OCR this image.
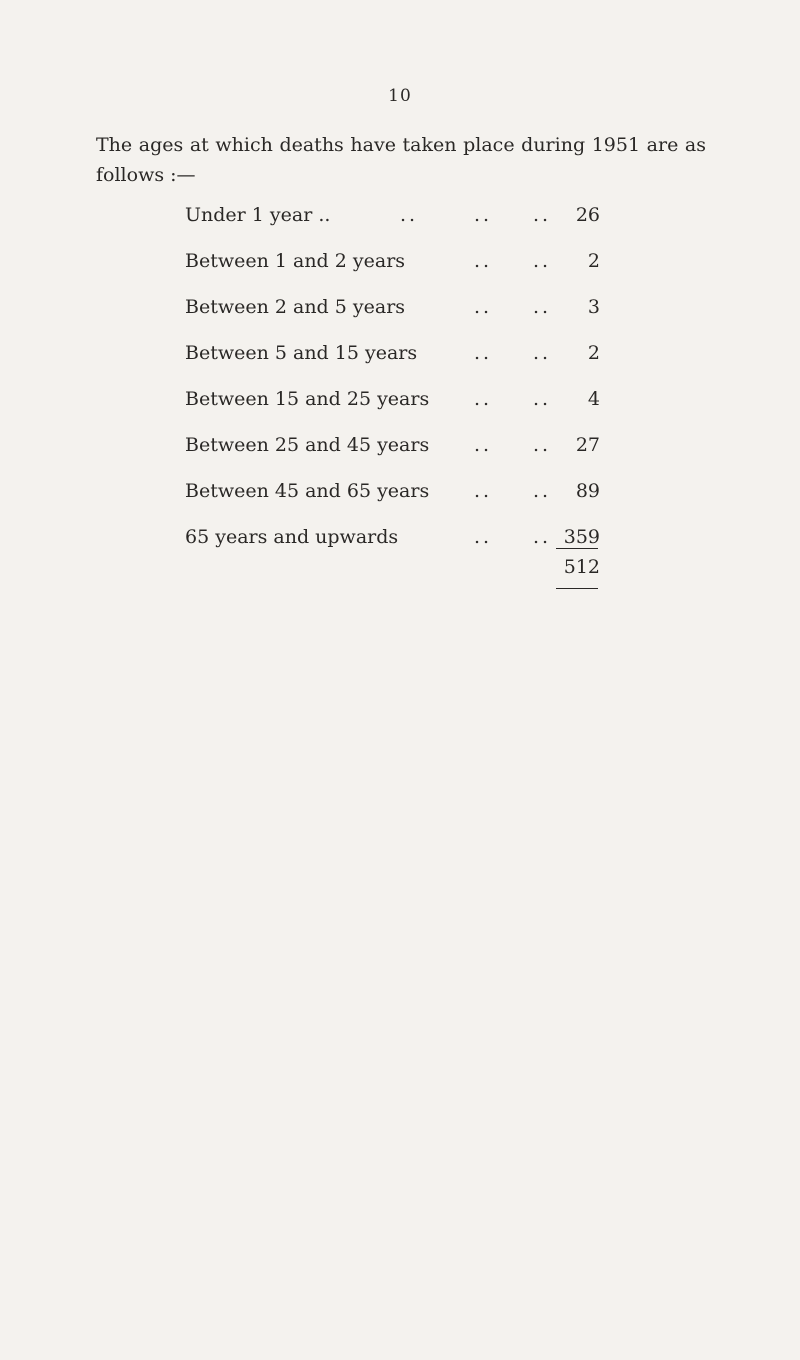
10
The ages at which deaths have taken place during 1951 are as
follows :—
Under 1 year ..	..	.. .. 26
Between 1 and 2 years	.. .. 2
Between 2 and 5 years	.. .. 3
Between 5 and 15 years	.. .. 2
Between 15 and 25 years .. .. 4
Between 25 and 45 years .. .. 27
Between 45 and 65 years .. .. 89
65 years and upwards	.. .. 359
512
